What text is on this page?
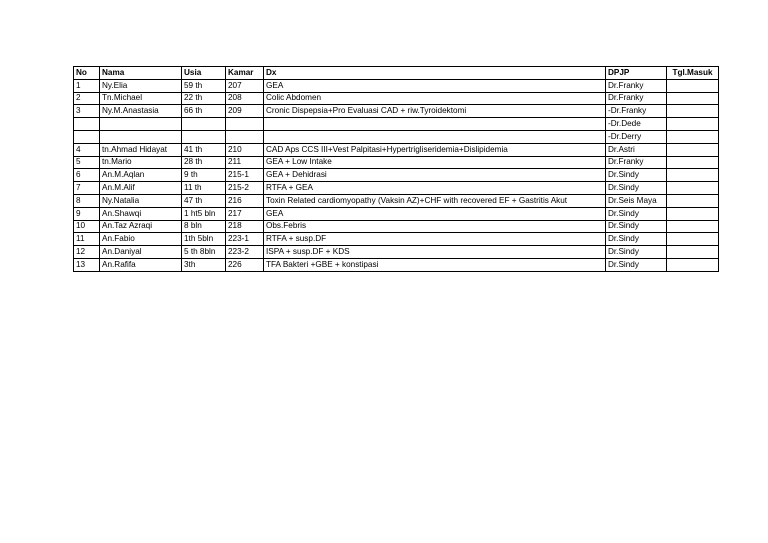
No	Nama	Usia	Kamar	Dx	DPJP	Tgl.Masuk
1	Ny.Elia	59 th	207	GEA	Dr.Franky	
2	Tn.Michael	22 th	208	Colic Abdomen	Dr.Franky	
3	Ny.M.Anastasia	66 th	209	Cronic Dispepsia+Pro Evaluasi CAD + riw.Tyroidektomi	-Dr.Franky	
					-Dr.Dede	
					-Dr.Derry	
4	tn.Ahmad Hidayat	41 th	210	CAD Aps CCS III+Vest Palpitasi+Hypertrigliseridemia+Dislipidemia	Dr.Astri	
5	tn.Mario	28 th	211	GEA + Low Intake	Dr.Franky	
6	An.M.Aqlan	9 th	215-1	GEA + Dehidrasi	Dr.Sindy	
7	An.M.Alif	11 th	215-2	RTFA + GEA	Dr.Sindy	
8	Ny.Natalia	47 th	216	Toxin Related cardiomyopathy (Vaksin AZ)+CHF with recovered EF + Gastritis Akut	Dr.Seis Maya	
9	An.Shawqi	1 ht5 bln	217	GEA	Dr.Sindy	
10	An.Taz Azraqi	8 bln	218	Obs.Febris	Dr.Sindy	
11	An.Fabio	1th 5bln	223-1	RTFA + susp.DF	Dr.Sindy	
12	An.Daniyal	5 th 8bln	223-2	ISPA + susp.DF + KDS	Dr.Sindy	
13	An.Rafifa	3th	226	TFA Bakteri +GBE + konstipasi	Dr.Sindy	
